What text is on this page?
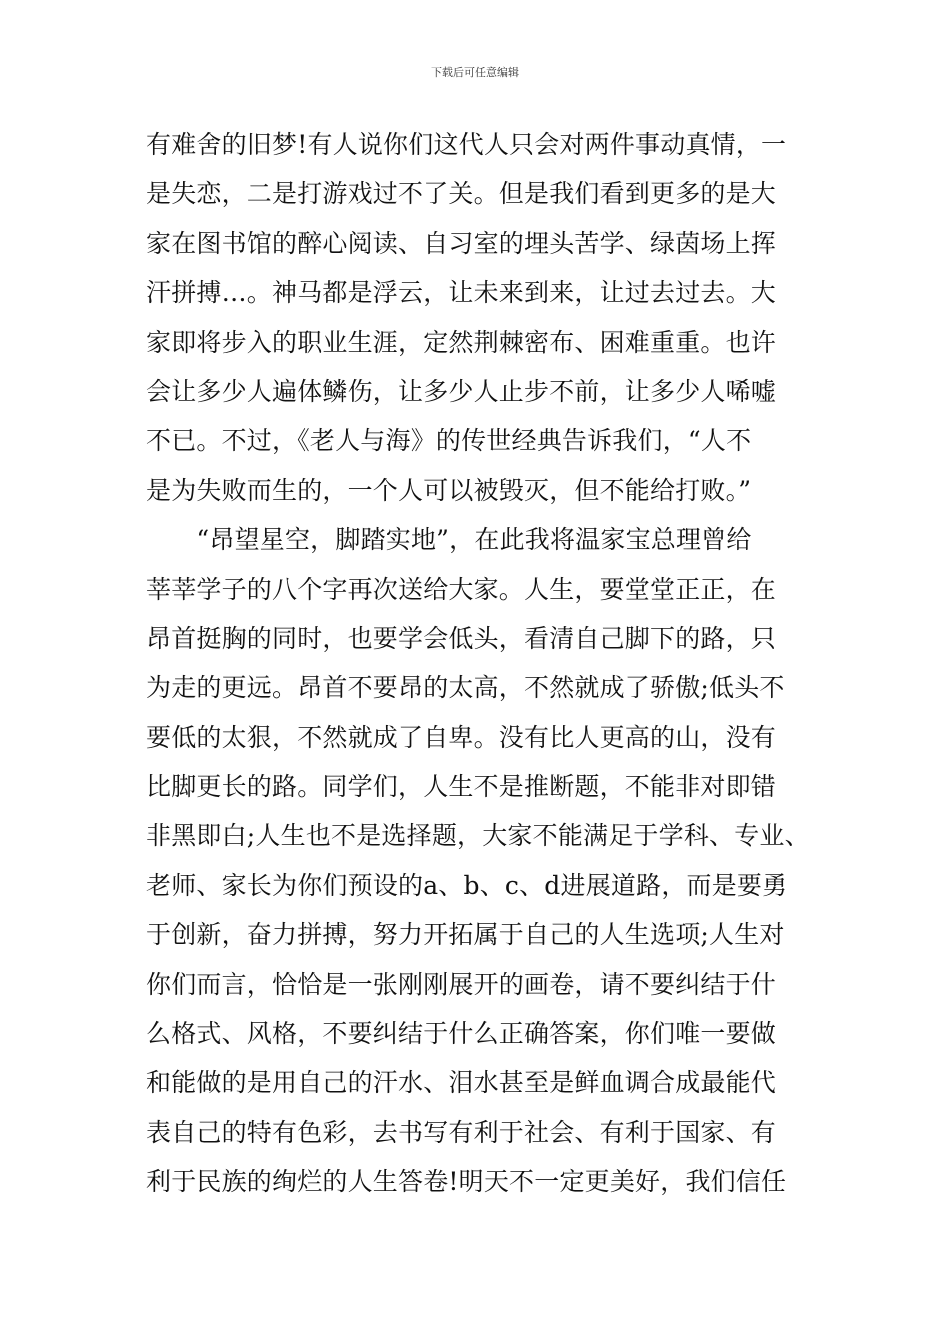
下载后可任意编辑
有难舍的旧梦!有人说你们这代人只会对两件事动真情，一
是失恋，二是打游戏过不了关。但是我们看到更多的是大
家在图书馆的醉心阅读、自习室的埋头苦学、绿茵场上挥
汗拼搏…。神马都是浮云，让未来到来，让过去过去。大
家即将步入的职业生涯，定然荆棘密布、困难重重。也许
会让多少人遍体鳞伤，让多少人止步不前，让多少人唏嘘
不已。不过，《老人与海》的传世经典告诉我们，“人不
是为失败而生的，一个人可以被毁灭，但不能给打败。”
　　“昂望星空，脚踏实地”，在此我将温家宝总理曾给
莘莘学子的八个字再次送给大家。人生，要堂堂正正，在
昂首挺胸的同时，也要学会低头，看清自己脚下的路，只
为走的更远。昂首不要昂的太高，不然就成了骄傲;低头不
要低的太狠，不然就成了自卑。没有比人更高的山，没有
比脚更长的路。同学们，人生不是推断题，不能非对即错
非黑即白;人生也不是选择题，大家不能满足于学科、专业、
老师、家长为你们预设的a、b、c、d进展道路，而是要勇
于创新，奋力拼搏，努力开拓属于自己的人生选项;人生对
你们而言，恰恰是一张刚刚展开的画卷，请不要纠结于什
么格式、风格，不要纠结于什么正确答案，你们唯一要做
和能做的是用自己的汗水、泪水甚至是鲜血调合成最能代
表自己的特有色彩，去书写有利于社会、有利于国家、有
利于民族的绚烂的人生答卷!明天不一定更美好，我们信任
